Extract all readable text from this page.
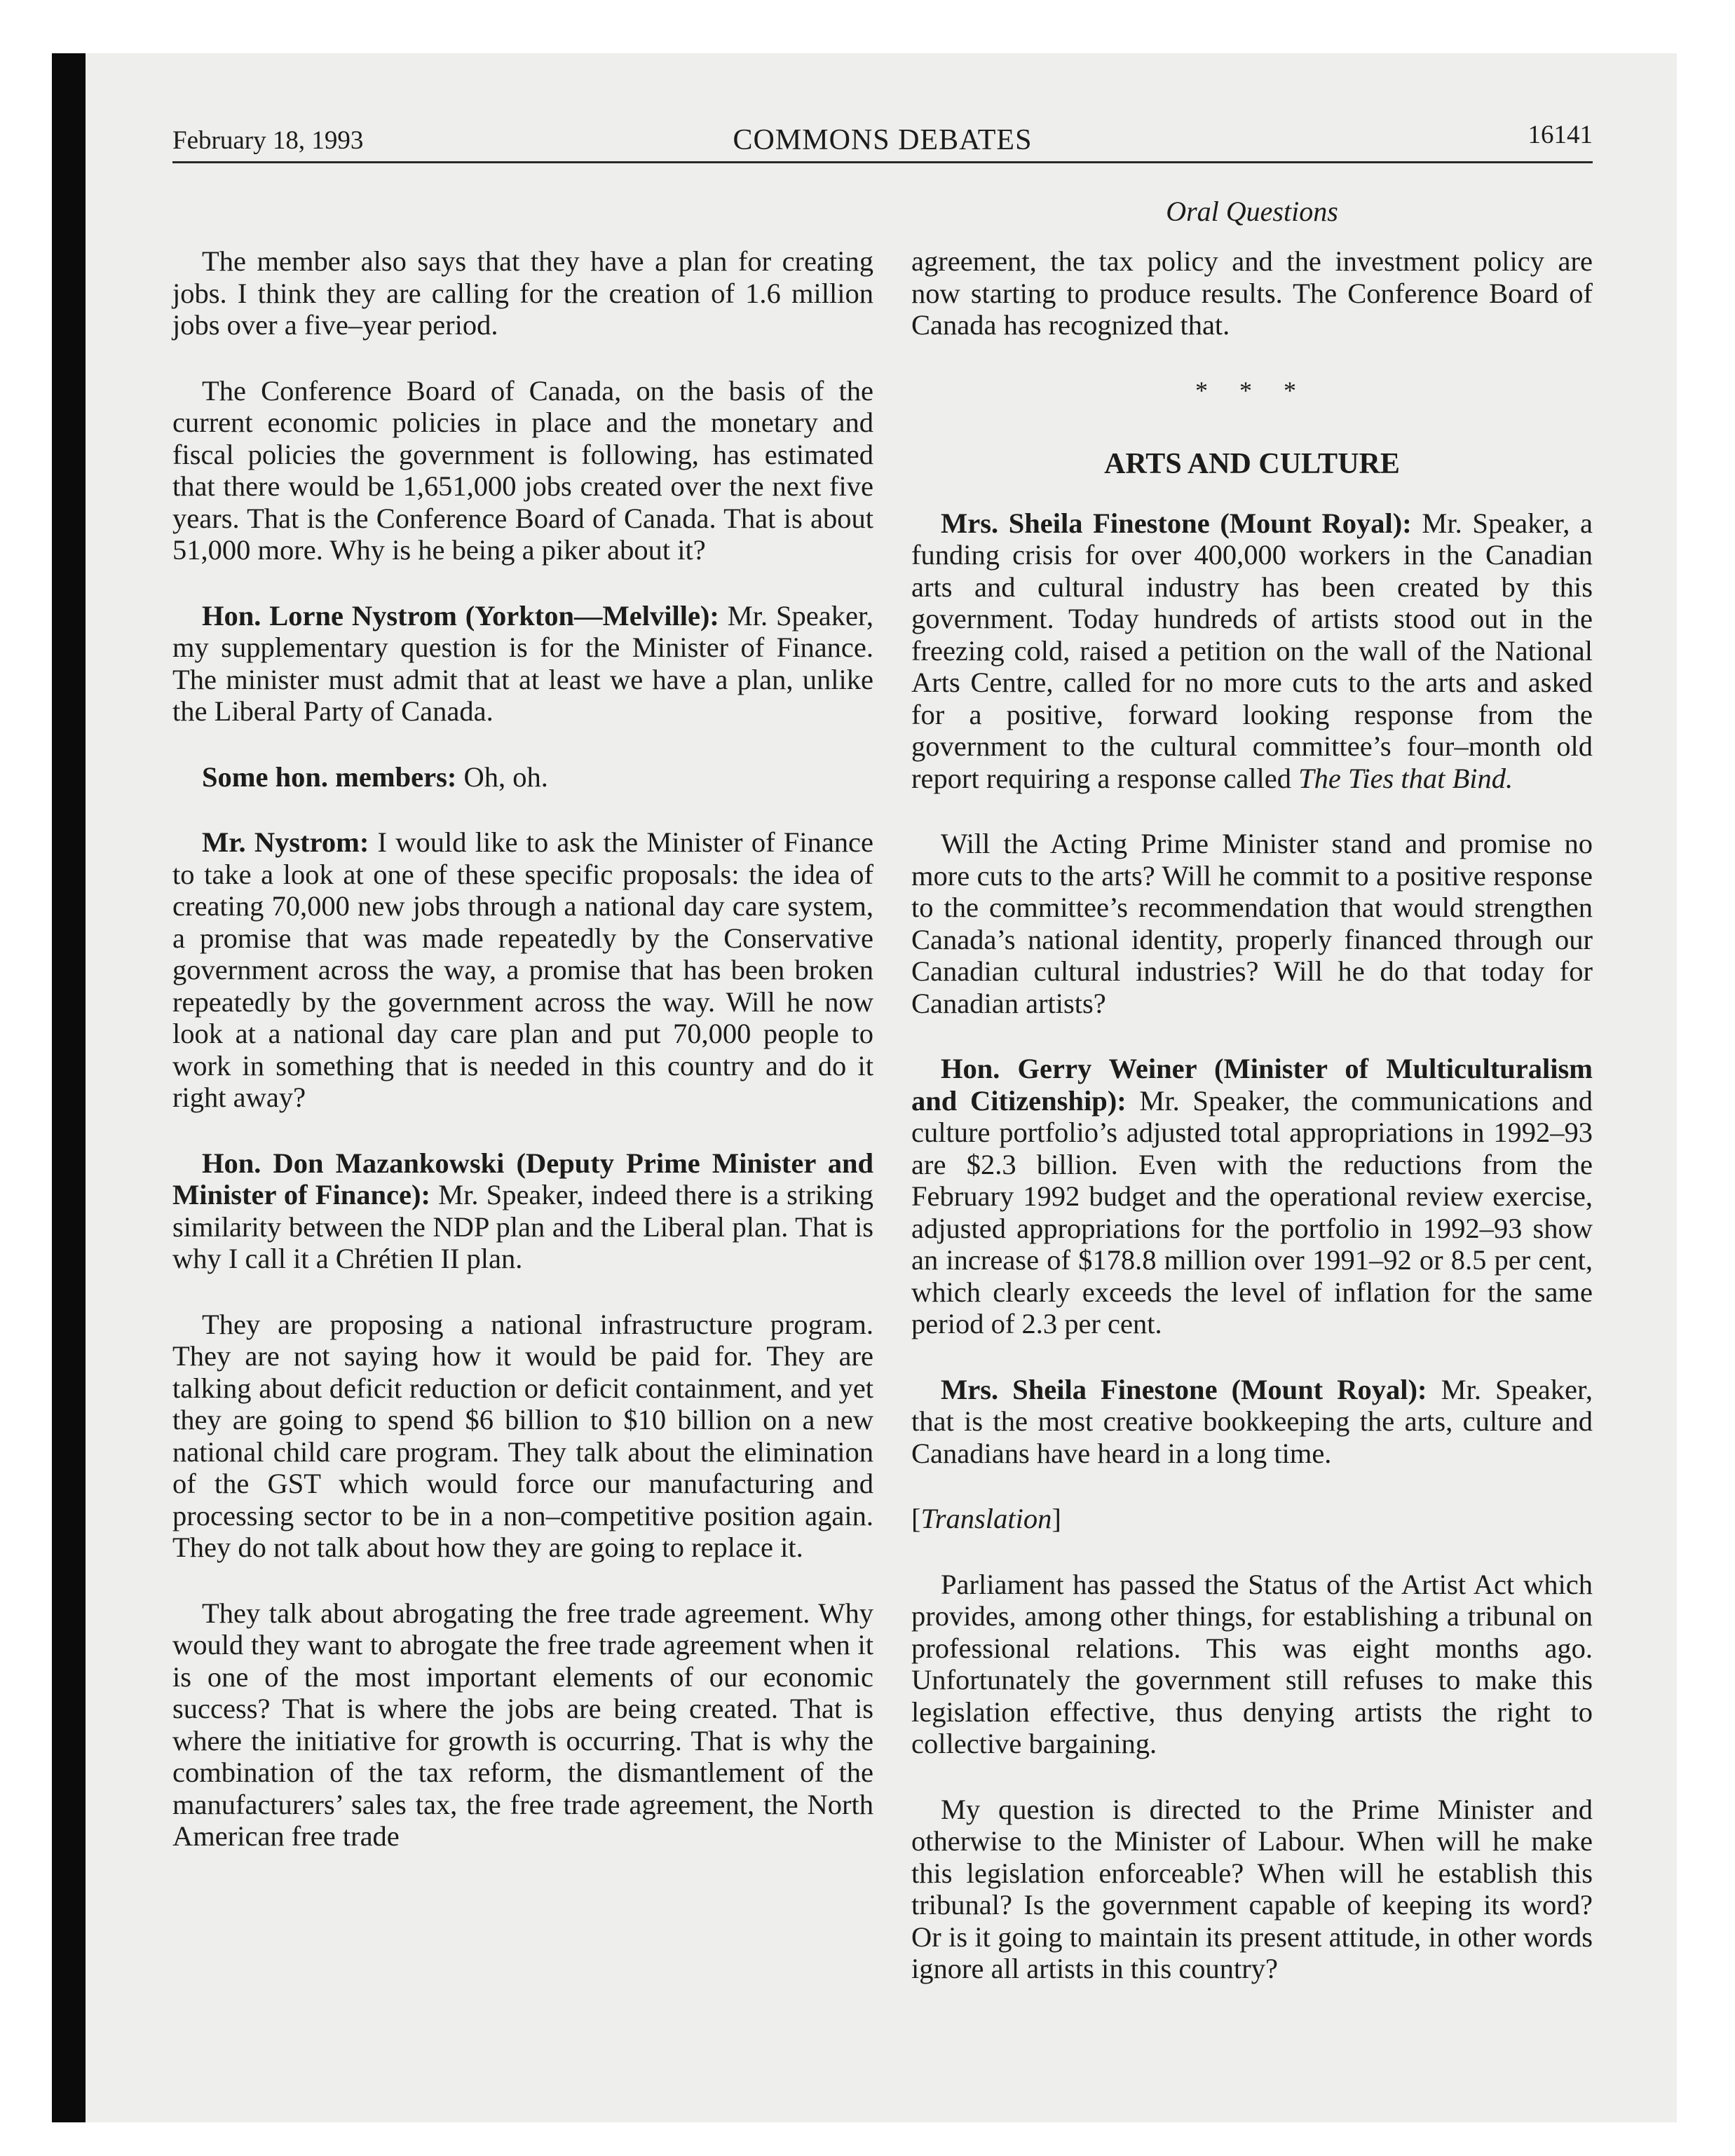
February 18, 1993	COMMONS DEBATES	16141
Oral Questions

The member also says that they have a plan for creating jobs. I think they are calling for the creation of 1.6 million jobs over a five–year period.

The Conference Board of Canada, on the basis of the current economic policies in place and the monetary and fiscal policies the government is following, has estimated that there would be 1,651,000 jobs created over the next five years. That is the Conference Board of Canada. That is about 51,000 more. Why is he being a piker about it?

Hon. Lorne Nystrom (Yorkton—Melville): Mr. Speaker, my supplementary question is for the Minister of Finance. The minister must admit that at least we have a plan, unlike the Liberal Party of Canada.

Some hon. members: Oh, oh.

Mr. Nystrom: I would like to ask the Minister of Finance to take a look at one of these specific proposals: the idea of creating 70,000 new jobs through a national day care system, a promise that was made repeatedly by the Conservative government across the way, a promise that has been broken repeatedly by the government across the way. Will he now look at a national day care plan and put 70,000 people to work in something that is needed in this country and do it right away?

Hon. Don Mazankowski (Deputy Prime Minister and Minister of Finance): Mr. Speaker, indeed there is a striking similarity between the NDP plan and the Liberal plan. That is why I call it a Chrétien II plan.

They are proposing a national infrastructure program. They are not saying how it would be paid for. They are talking about deficit reduction or deficit containment, and yet they are going to spend $6 billion to $10 billion on a new national child care program. They talk about the elimination of the GST which would force our manufacturing and processing sector to be in a non–competitive position again. They do not talk about how they are going to replace it.

They talk about abrogating the free trade agreement. Why would they want to abrogate the free trade agreement when it is one of the most important elements of our economic success? That is where the jobs are being created. That is where the initiative for growth is occurring. That is why the combination of the tax reform, the dismantlement of the manufacturers’ sales tax, the free trade agreement, the North American free trade

agreement, the tax policy and the investment policy are now starting to produce results. The Conference Board of Canada has recognized that.

* * *
ARTS AND CULTURE

Mrs. Sheila Finestone (Mount Royal): Mr. Speaker, a funding crisis for over 400,000 workers in the Canadian arts and cultural industry has been created by this government. Today hundreds of artists stood out in the freezing cold, raised a petition on the wall of the National Arts Centre, called for no more cuts to the arts and asked for a positive, forward looking response from the government to the cultural committee’s four–month old report requiring a response called The Ties that Bind.

Will the Acting Prime Minister stand and promise no more cuts to the arts? Will he commit to a positive response to the committee’s recommendation that would strengthen Canada’s national identity, properly financed through our Canadian cultural industries? Will he do that today for Canadian artists?

Hon. Gerry Weiner (Minister of Multiculturalism and Citizenship): Mr. Speaker, the communications and culture portfolio’s adjusted total appropriations in 1992–93 are $2.3 billion. Even with the reductions from the February 1992 budget and the operational review exercise, adjusted appropriations for the portfolio in 1992–93 show an increase of $178.8 million over 1991–92 or 8.5 per cent, which clearly exceeds the level of inflation for the same period of 2.3 per cent.

Mrs. Sheila Finestone (Mount Royal): Mr. Speaker, that is the most creative bookkeeping the arts, culture and Canadians have heard in a long time.

[Translation]

Parliament has passed the Status of the Artist Act which provides, among other things, for establishing a tribunal on professional relations. This was eight months ago. Unfortunately the government still refuses to make this legislation effective, thus denying artists the right to collective bargaining.

My question is directed to the Prime Minister and otherwise to the Minister of Labour. When will he make this legislation enforceable? When will he establish this tribunal? Is the government capable of keeping its word? Or is it going to maintain its present attitude, in other words ignore all artists in this country?
